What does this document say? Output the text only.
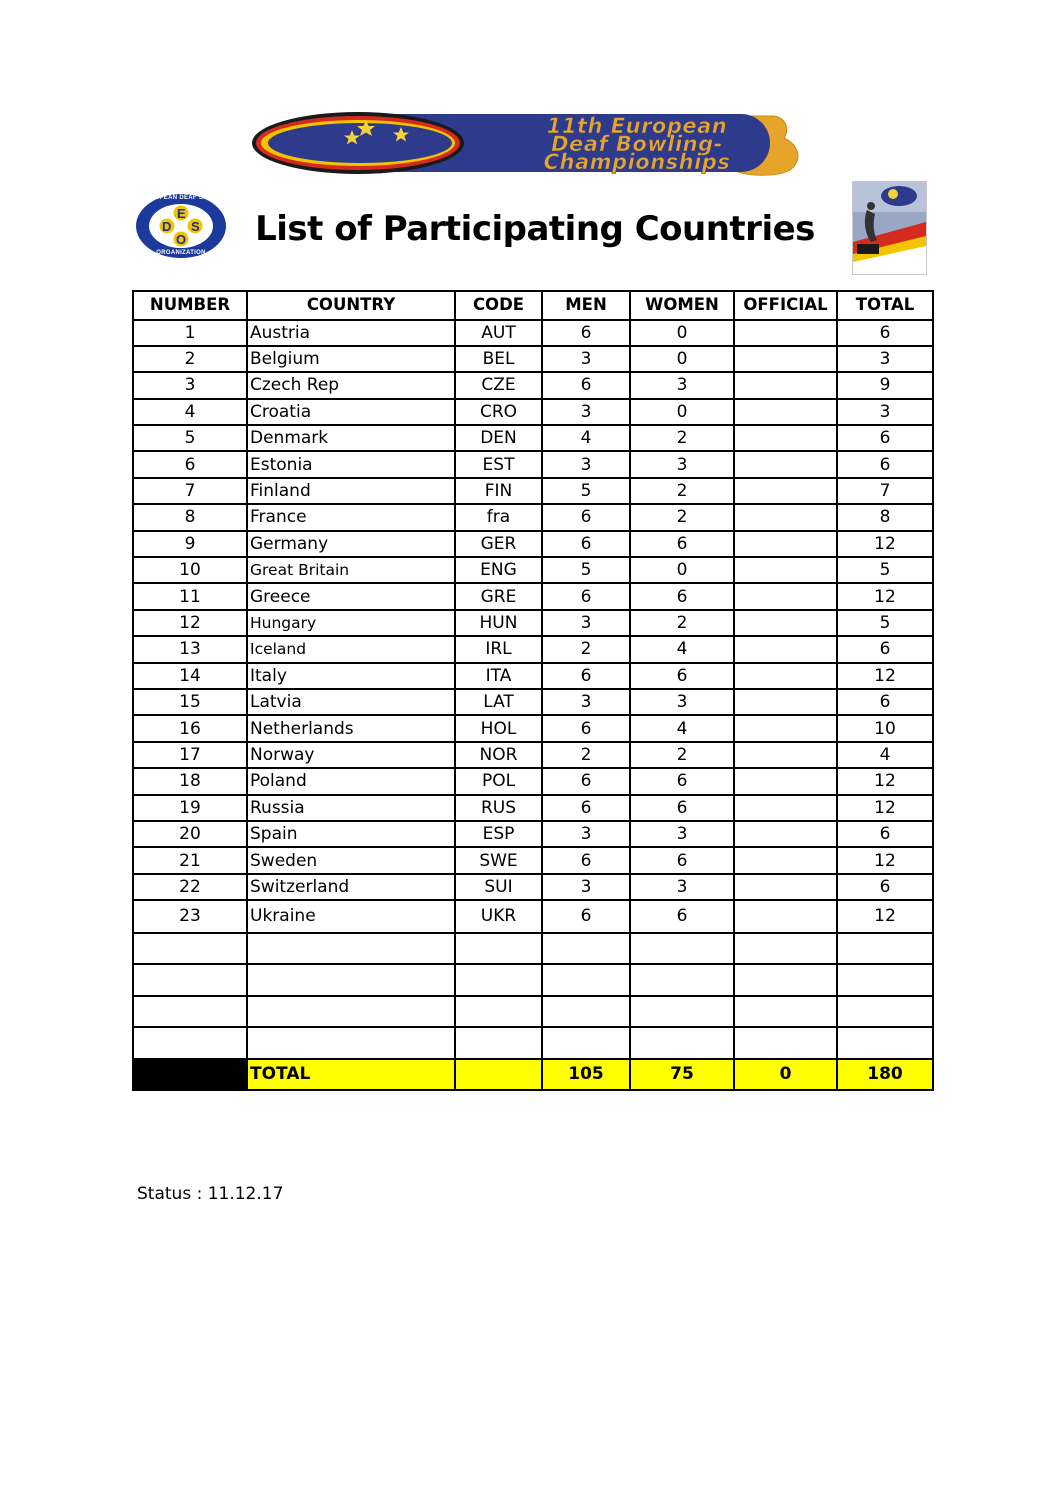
11th European
Deaf Bowling-
Championships
E
D S
O
EUROPEAN DEAF SPORT
ORGANIZATION
List of Participating Countries
NUMBER	COUNTRY	CODE	MEN	WOMEN	OFFICIAL	TOTAL
1	Austria	AUT	6	0		6
2	Belgium	BEL	3	0		3
3	Czech Rep	CZE	6	3		9
4	Croatia	CRO	3	0		3
5	Denmark	DEN	4	2		6
6	Estonia	EST	3	3		6
7	Finland	FIN	5	2		7
8	France	fra	6	2		8
9	Germany	GER	6	6		12
10	Great Britain	ENG	5	0		5
11	Greece	GRE	6	6		12
12	Hungary	HUN	3	2		5
13	Iceland	IRL	2	4		6
14	Italy	ITA	6	6		12
15	Latvia	LAT	3	3		6
16	Netherlands	HOL	6	4		10
17	Norway	NOR	2	2		4
18	Poland	POL	6	6		12
19	Russia	RUS	6	6		12
20	Spain	ESP	3	3		6
21	Sweden	SWE	6	6		12
22	Switzerland	SUI	3	3		6
23	Ukraine	UKR	6	6		12

	TOTAL		105	75	0	180
Status : 11.12.17
